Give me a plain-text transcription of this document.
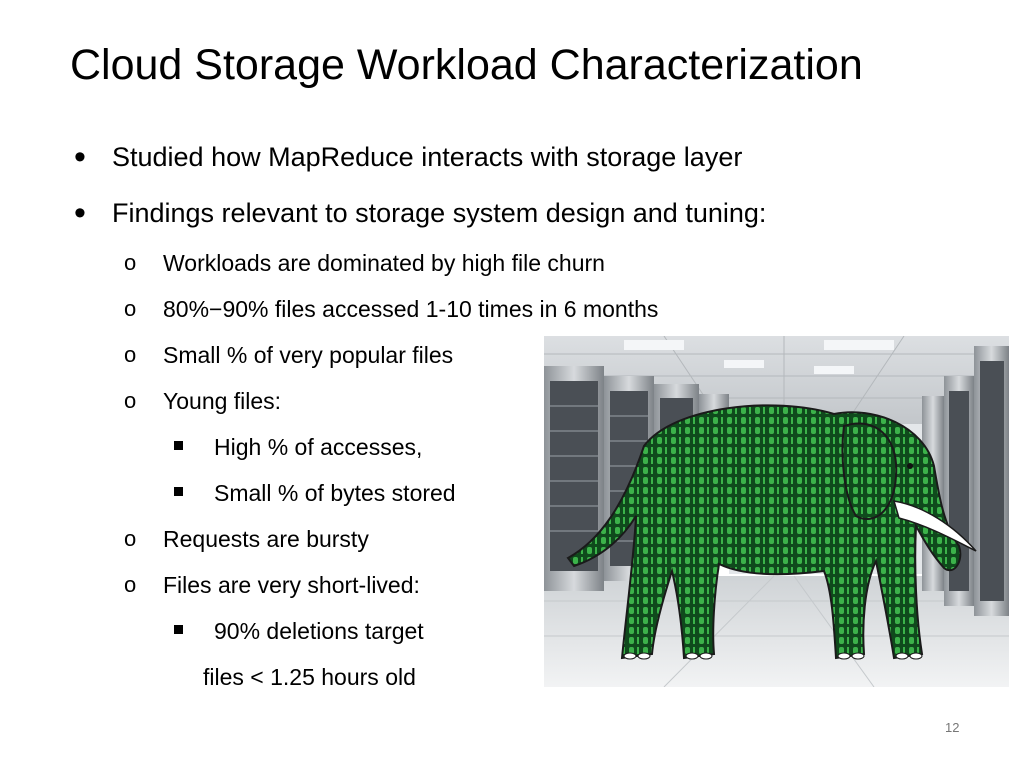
Cloud Storage Workload Characterization
• Studied how MapReduce interacts with storage layer
• Findings relevant to storage system design and tuning:
o Workloads are dominated by high file churn
o 80%−90% files accessed 1-10 times in 6 months
o Small % of very popular files
o Young files:
High % of accesses,
Small % of bytes stored
o Requests are bursty
o Files are very short-lived:
90% deletions target
files < 1.25 hours old
12
